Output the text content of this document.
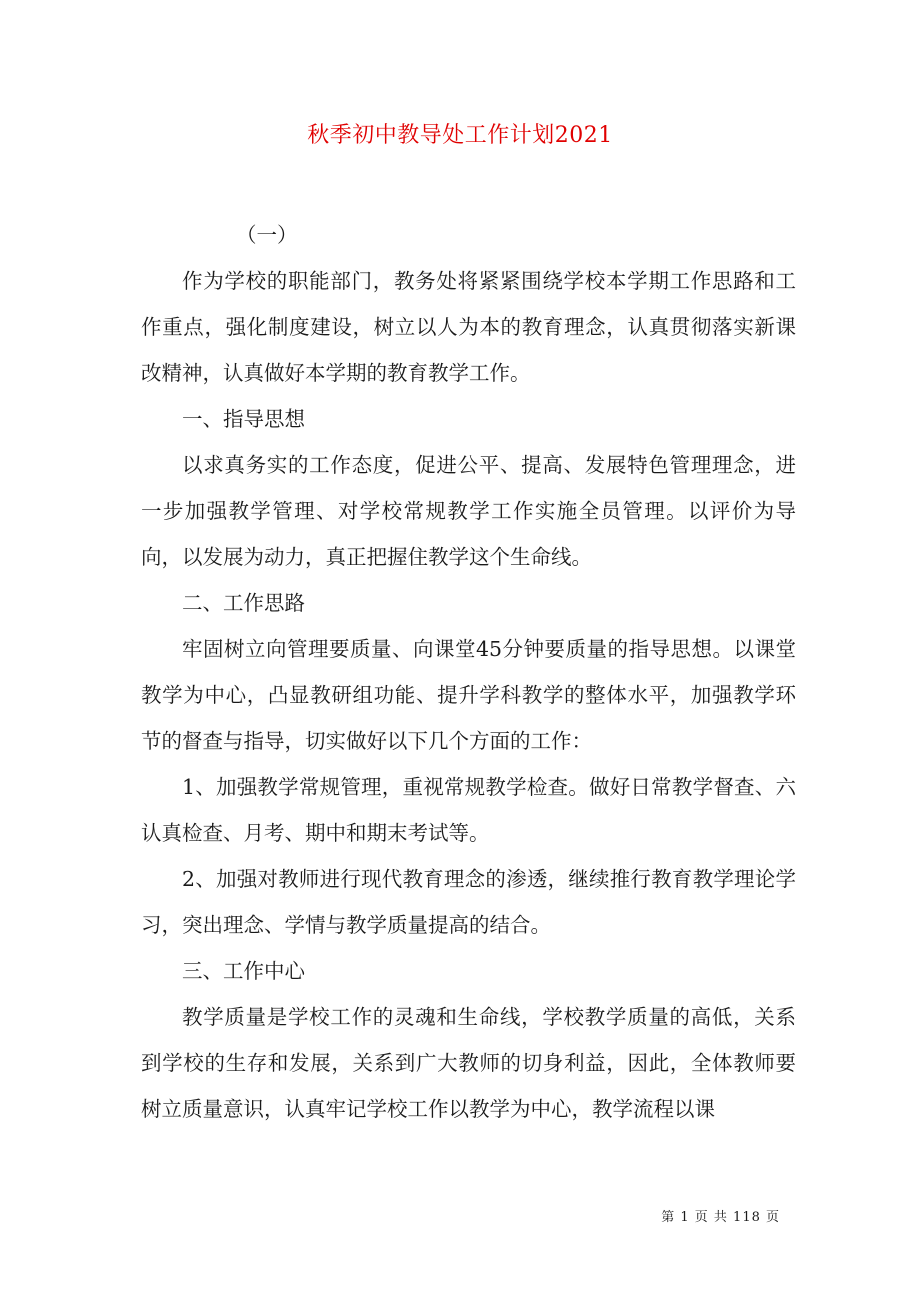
秋季初中教导处工作计划2021

（一）

作为学校的职能部门，教务处将紧紧围绕学校本学期工作思路和工作重点，强化制度建设，树立以人为本的教育理念，认真贯彻落实新课改精神，认真做好本学期的教育教学工作。

一、指导思想

以求真务实的工作态度，促进公平、提高、发展特色管理理念，进一步加强教学管理、对学校常规教学工作实施全员管理。以评价为导向，以发展为动力，真正把握住教学这个生命线。

二、工作思路

牢固树立向管理要质量、向课堂45分钟要质量的指导思想。以课堂教学为中心，凸显教研组功能、提升学科教学的整体水平，加强教学环节的督查与指导，切实做好以下几个方面的工作：

1、加强教学常规管理，重视常规教学检查。做好日常教学督查、六认真检查、月考、期中和期末考试等。

2、加强对教师进行现代教育理念的渗透，继续推行教育教学理论学习，突出理念、学情与教学质量提高的结合。

三、工作中心

教学质量是学校工作的灵魂和生命线，学校教学质量的高低，关系到学校的生存和发展，关系到广大教师的切身利益，因此，全体教师要树立质量意识，认真牢记学校工作以教学为中心，教学流程以课

第 1 页 共 118 页
